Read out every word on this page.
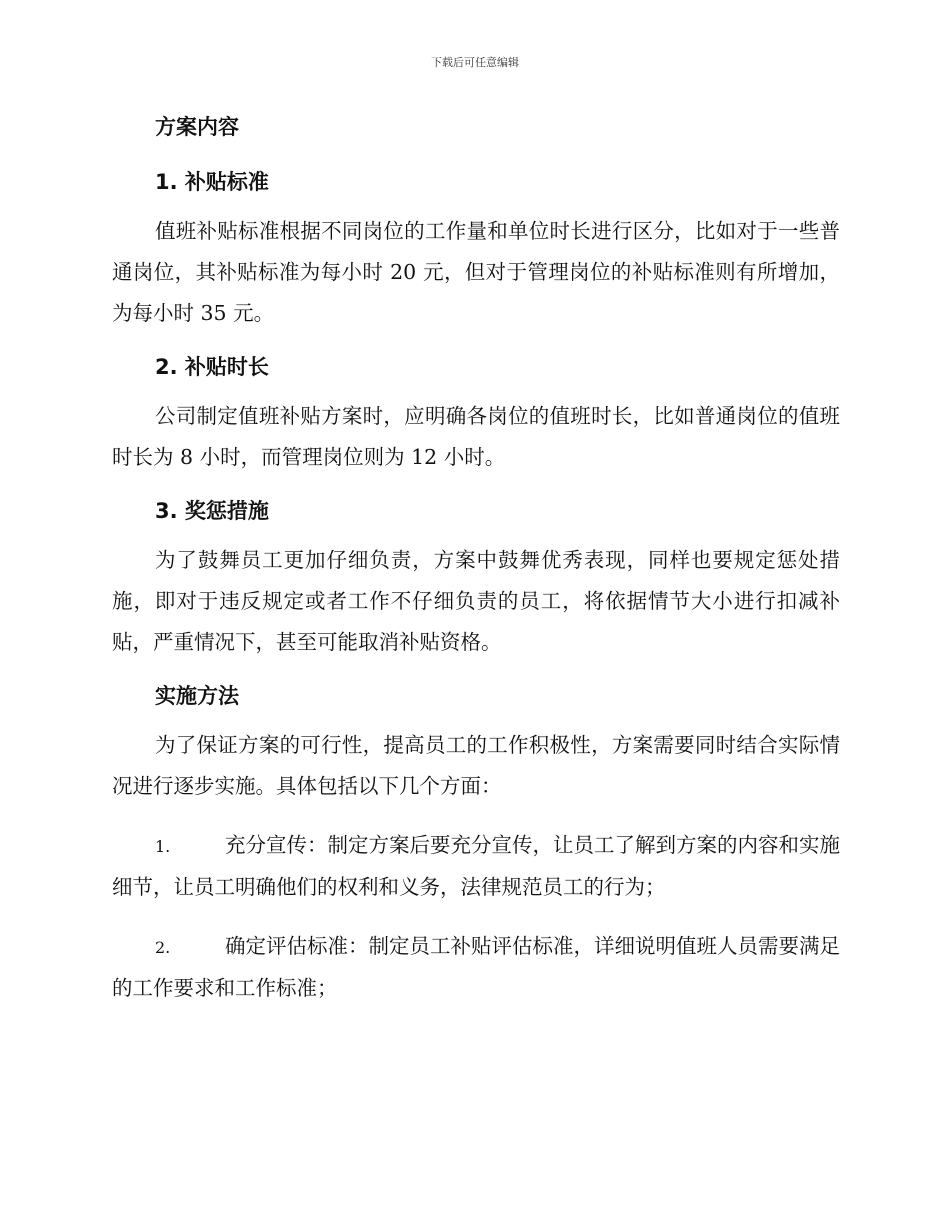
下载后可任意编辑

方案内容

1. 补贴标准

值班补贴标准根据不同岗位的工作量和单位时长进行区分，比如对于一些普通岗位，其补贴标准为每小时 20 元，但对于管理岗位的补贴标准则有所增加，为每小时 35 元。

2. 补贴时长

公司制定值班补贴方案时，应明确各岗位的值班时长，比如普通岗位的值班时长为 8 小时，而管理岗位则为 12 小时。

3. 奖惩措施

为了鼓舞员工更加仔细负责，方案中鼓舞优秀表现，同样也要规定惩处措施，即对于违反规定或者工作不仔细负责的员工，将依据情节大小进行扣减补贴，严重情况下，甚至可能取消补贴资格。

实施方法

为了保证方案的可行性，提高员工的工作积极性，方案需要同时结合实际情况进行逐步实施。具体包括以下几个方面：

1.	充分宣传：制定方案后要充分宣传，让员工了解到方案的内容和实施细节，让员工明确他们的权利和义务，法律规范员工的行为；

2.	确定评估标准：制定员工补贴评估标准，详细说明值班人员需要满足的工作要求和工作标准；
